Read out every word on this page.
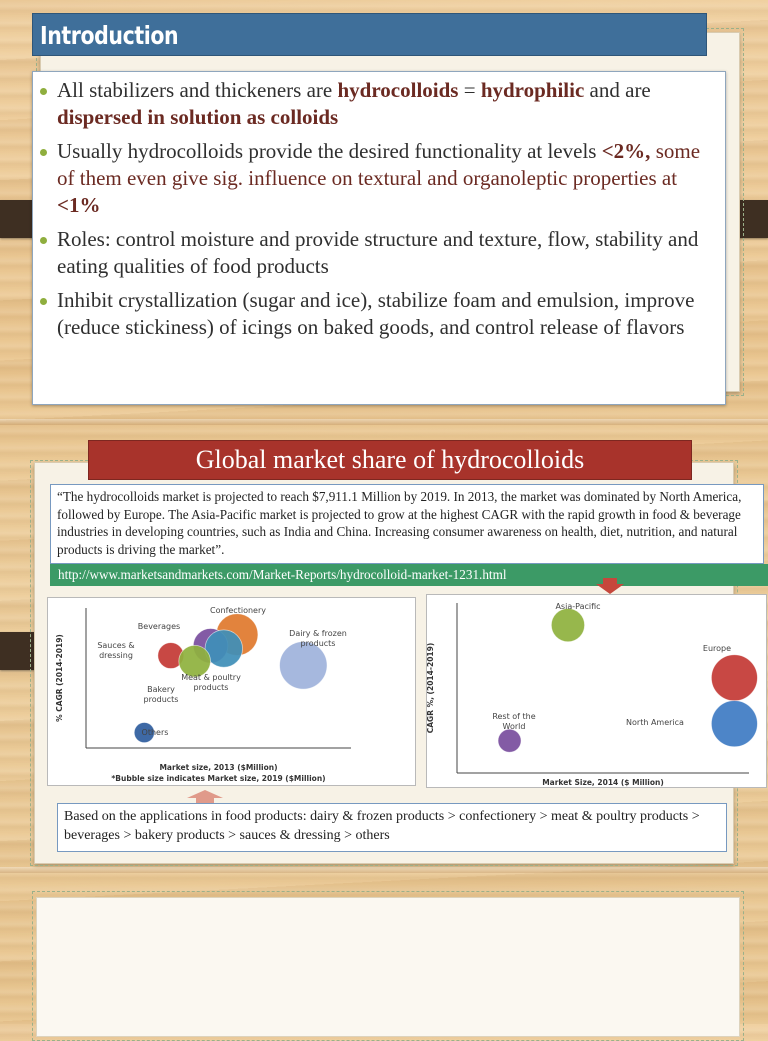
Introduction
All stabilizers and thickeners are hydrocolloids = hydrophilic and are dispersed in solution as colloids
Usually hydrocolloids provide the desired functionality at levels <2%, some of them even give sig. influence on textural and organoleptic properties at <1%
Roles: control moisture and provide structure and texture, flow, stability and eating qualities of food products
Inhibit crystallization (sugar and ice), stabilize foam and emulsion, improve (reduce stickiness) of icings on baked goods, and control release of flavors
Global market share of hydrocolloids
“The hydrocolloids market is projected to reach $7,911.1 Million by 2019. In 2013, the market was dominated by North America, followed by Europe. The Asia-Pacific market is projected to grow at the highest CAGR with the rapid growth in food & beverage industries in developing countries, such as India and China. Increasing consumer awareness on health, diet, nutrition, and natural products is driving the market”.
http://www.marketsandmarkets.com/Market-Reports/hydrocolloid-market-1231.html
Confectionery
Beverages
Meat & poultry products
Sauces & dressing
Bakery products
Dairy & frozen products
Others
% CAGR (2014-2019)
Market size, 2013 ($Million)
*Bubble size indicates Market size, 2019 ($Million)
Asia-Pacific
Europe
North America
Rest of the World
CAGR %, (2014-2019)
Market Size, 2014 ($ Million)
Based on the applications in food products: dairy & frozen products > confectionery > meat & poultry products > beverages > bakery products > sauces & dressing > others
